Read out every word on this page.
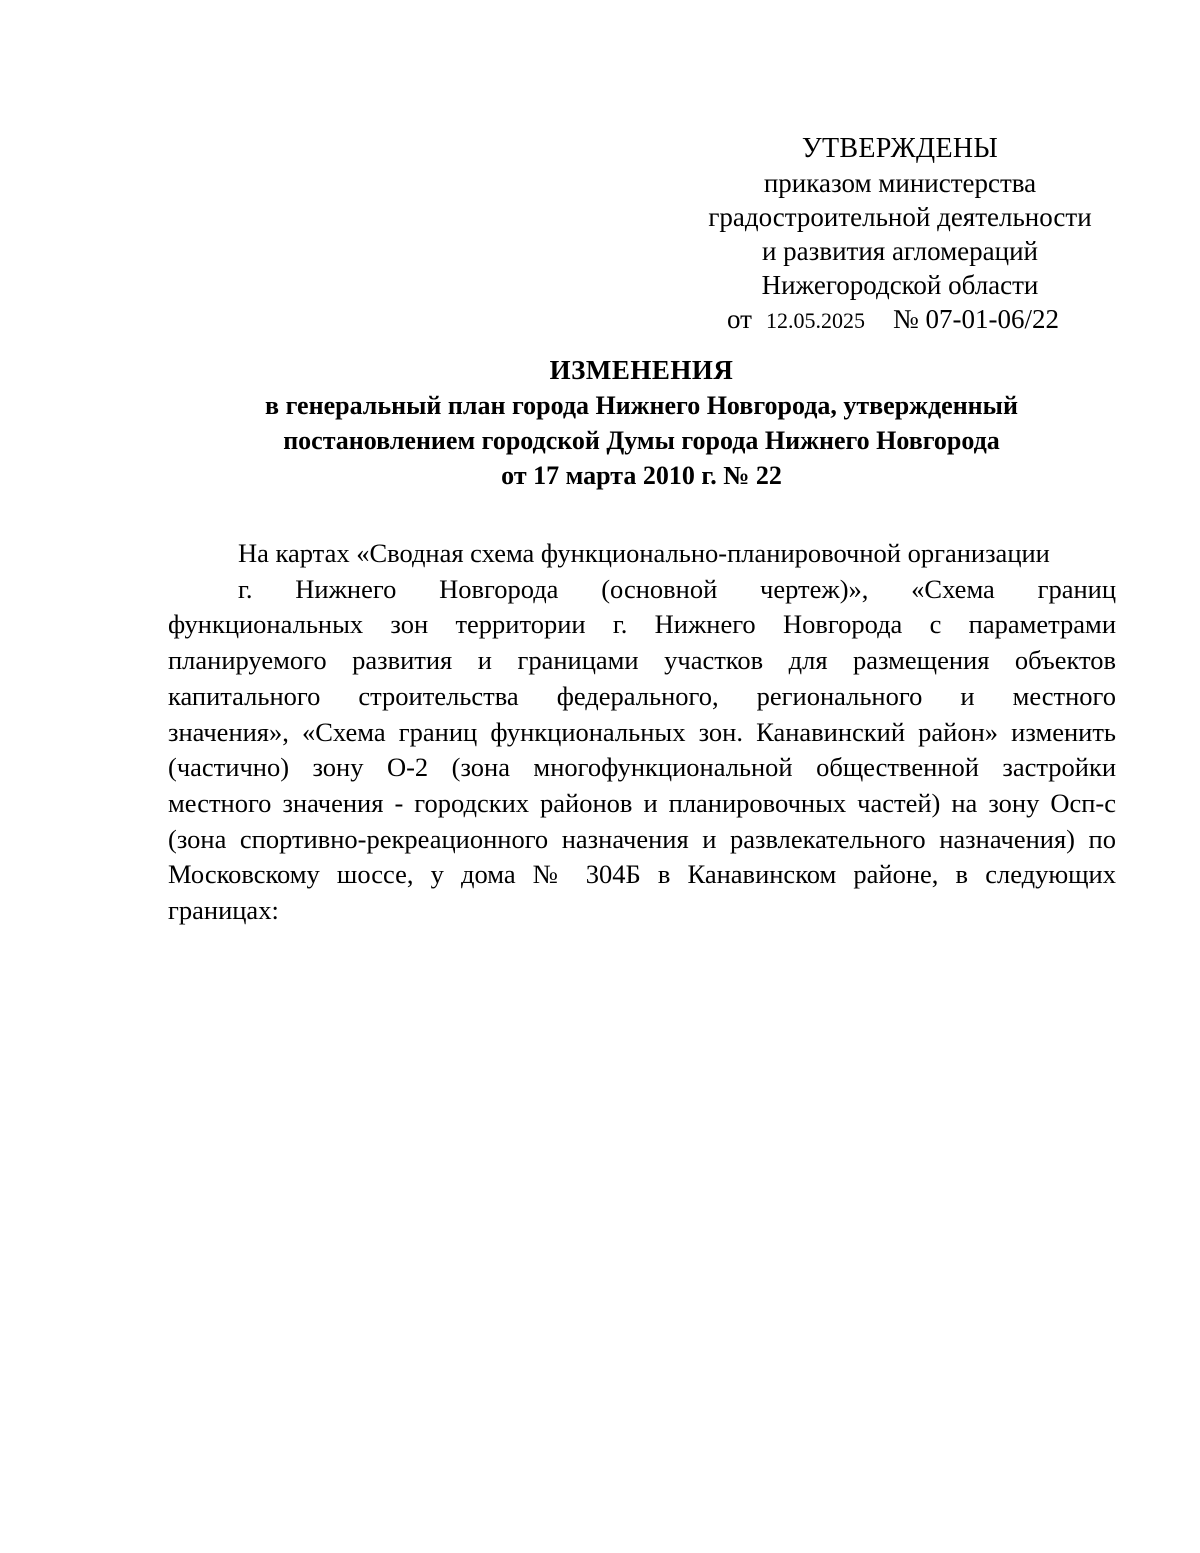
УТВЕРЖДЕНЫ
приказом министерства
градостроительной деятельности
и развития агломераций
Нижегородской области
от 12.05.2025 № 07-01-06/22
ИЗМЕНЕНИЯ
в генеральный план города Нижнего Новгорода, утвержденный
постановлением городской Думы города Нижнего Новгорода
от 17 марта 2010 г. № 22
На картах «Сводная схема функционально-планировочной организации
г. Нижнего Новгорода (основной чертеж)», «Схема границ
функциональных зон территории г. Нижнего Новгорода с параметрами
планируемого развития и границами участков для размещения объектов
капитального строительства федерального, регионального и местного
значения», «Схема границ функциональных зон. Канавинский район» изменить
(частично) зону О-2 (зона многофункциональной общественной застройки
местного значения - городских районов и планировочных частей) на зону Осп-с
(зона спортивно-рекреационного назначения и развлекательного назначения) по
Московскому шоссе, у дома № 304Б в Канавинском районе, в следующих
границах:
